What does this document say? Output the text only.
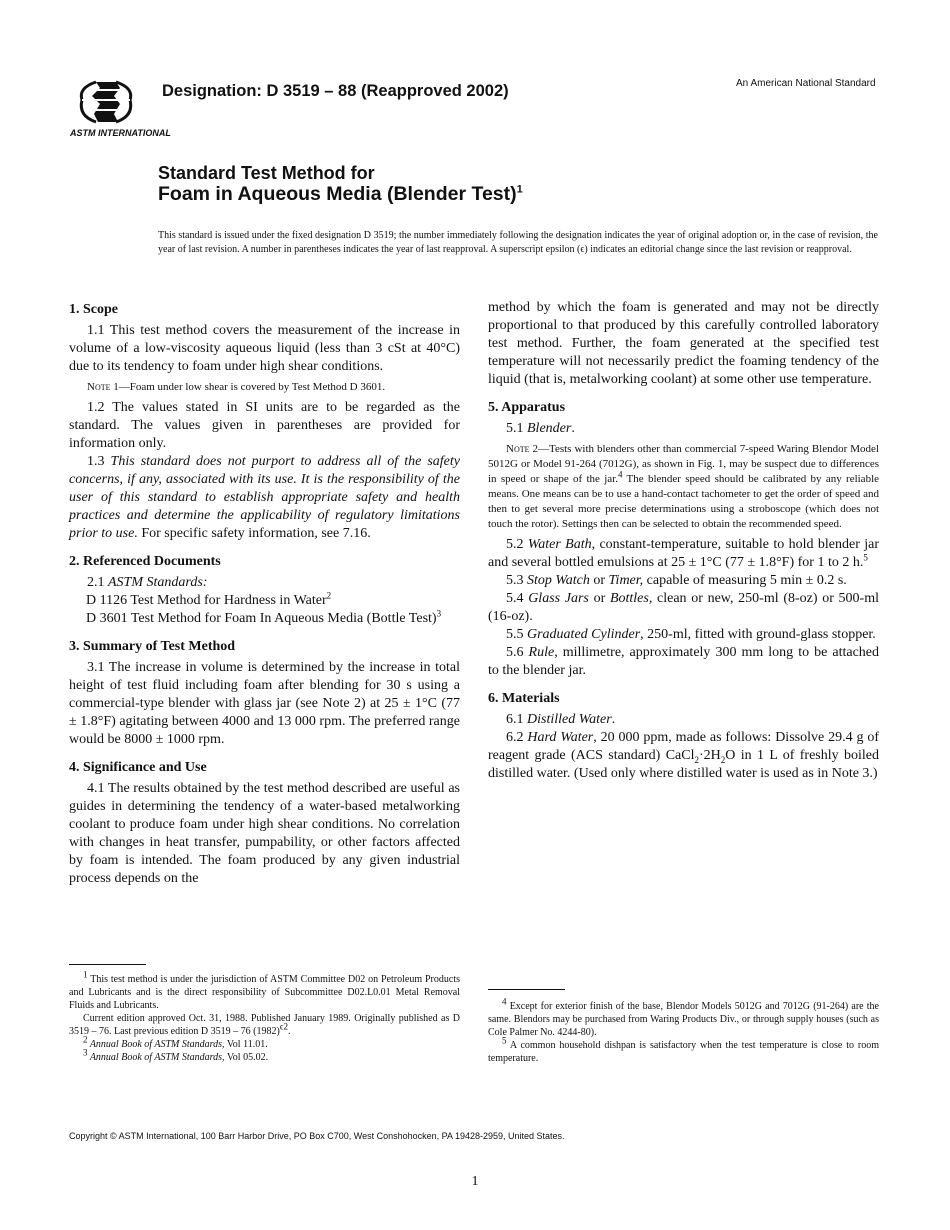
ASTM INTERNATIONAL
Designation: D 3519 – 88 (Reapproved 2002)	An American National Standard
Standard Test Method for
Foam in Aqueous Media (Blender Test)$^1$
This standard is issued under the fixed designation D 3519; the number immediately following the designation indicates the year of original adoption or, in the case of revision, the year of last revision. A number in parentheses indicates the year of last reapproval. A superscript epsilon (ϵ) indicates an editorial change since the last revision or reapproval.
1. Scope

1.1 This test method covers the measurement of the increase in volume of a low-viscosity aqueous liquid (less than 3 cSt at 40°C) due to its tendency to foam under high shear conditions.

Note 1—Foam under low shear is covered by Test Method D 3601.

1.2 The values stated in SI units are to be regarded as the standard. The values given in parentheses are provided for information only.

1.3 This standard does not purport to address all of the safety concerns, if any, associated with its use. It is the responsibility of the user of this standard to establish appropriate safety and health practices and determine the applicability of regulatory limitations prior to use. For specific safety information, see 7.16.

2. Referenced Documents

2.1 ASTM Standards:

D 1126 Test Method for Hardness in Water$^2$

D 3601 Test Method for Foam In Aqueous Media (Bottle Test)$^3$

3. Summary of Test Method

3.1 The increase in volume is determined by the increase in total height of test fluid including foam after blending for 30 s using a commercial-type blender with glass jar (see Note 2) at 25 ± 1°C (77 ± 1.8°F) agitating between 4000 and 13 000 rpm. The preferred range would be 8000 ± 1000 rpm.

4. Significance and Use

4.1 The results obtained by the test method described are useful as guides in determining the tendency of a water-based metalworking coolant to produce foam under high shear conditions. No correlation with changes in heat transfer, pumpability, or other factors affected by foam is intended. The foam produced by any given industrial process depends on the

method by which the foam is generated and may not be directly proportional to that produced by this carefully controlled laboratory test method. Further, the foam generated at the specified test temperature will not necessarily predict the foaming tendency of the liquid (that is, metalworking coolant) at some other use temperature.

5. Apparatus

5.1 Blender.

Note 2—Tests with blenders other than commercial 7-speed Waring Blendor Model 5012G or Model 91-264 (7012G), as shown in Fig. 1, may be suspect due to differences in speed or shape of the jar.$^4$ The blender speed should be calibrated by any reliable means. One means can be to use a hand-contact tachometer to get the order of speed and then to get several more precise determinations using a stroboscope (which does not touch the rotor). Settings then can be selected to obtain the recommended speed.

5.2 Water Bath, constant-temperature, suitable to hold blender jar and several bottled emulsions at 25 ± 1°C (77 ± 1.8°F) for 1 to 2 h.$^5$

5.3 Stop Watch or Timer, capable of measuring 5 min ± 0.2 s.

5.4 Glass Jars or Bottles, clean or new, 250-ml (8-oz) or 500-ml (16-oz).

5.5 Graduated Cylinder, 250-ml, fitted with ground-glass stopper.

5.6 Rule, millimetre, approximately 300 mm long to be attached to the blender jar.

6. Materials

6.1 Distilled Water.

6.2 Hard Water, 20 000 ppm, made as follows: Dissolve 29.4 g of reagent grade (ACS standard) $CaCl_2\cdot 2H_2O$ in 1 L of freshly boiled distilled water. (Used only where distilled water is used as in Note 3.)

$^1$ This test method is under the jurisdiction of ASTM Committee D02 on Petroleum Products and Lubricants and is the direct responsibility of Subcommittee D02.L0.01 Metal Removal Fluids and Lubricants.

Current edition approved Oct. 31, 1988. Published January 1989. Originally published as D 3519 – 76. Last previous edition D 3519 – 76 $(1982)^{\epsilon 2}$.

$^2$ Annual Book of ASTM Standards, Vol 11.01.

$^3$ Annual Book of ASTM Standards, Vol 05.02.

$^4$ Except for exterior finish of the base, Blendor Models 5012G and 7012G (91-264) are the same. Blendors may be purchased from Waring Products Div., or through supply houses (such as Cole Palmer No. 4244-80).

$^5$ A common household dishpan is satisfactory when the test temperature is close to room temperature.

Copyright © ASTM International, 100 Barr Harbor Drive, PO Box C700, West Conshohocken, PA 19428-2959, United States.
1
